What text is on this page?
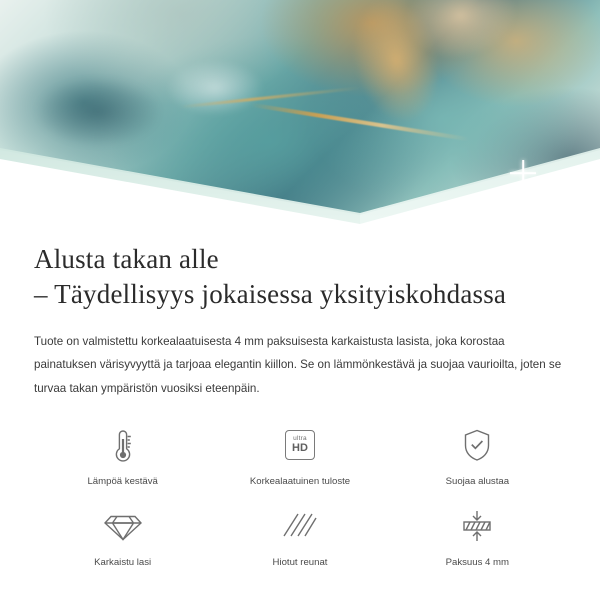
Alusta takan alle
– Täydellisyys jokaisessa yksityiskohdassa

Tuote on valmistettu korkealaatuisesta 4 mm paksuisesta karkaistusta lasista, joka korostaa painatuksen värisyvyyttä ja tarjoaa elegantin kiillon. Se on lämmönkestävä ja suojaa vaurioilta, joten se turvaa takan ympäristön vuosiksi eteenpäin.

Lämpöä kestävä
ultra
HD
Korkealaatuinen tuloste	Suojaa alustaa
Karkaistu lasi	Hiotut reunat	Paksuus 4 mm
